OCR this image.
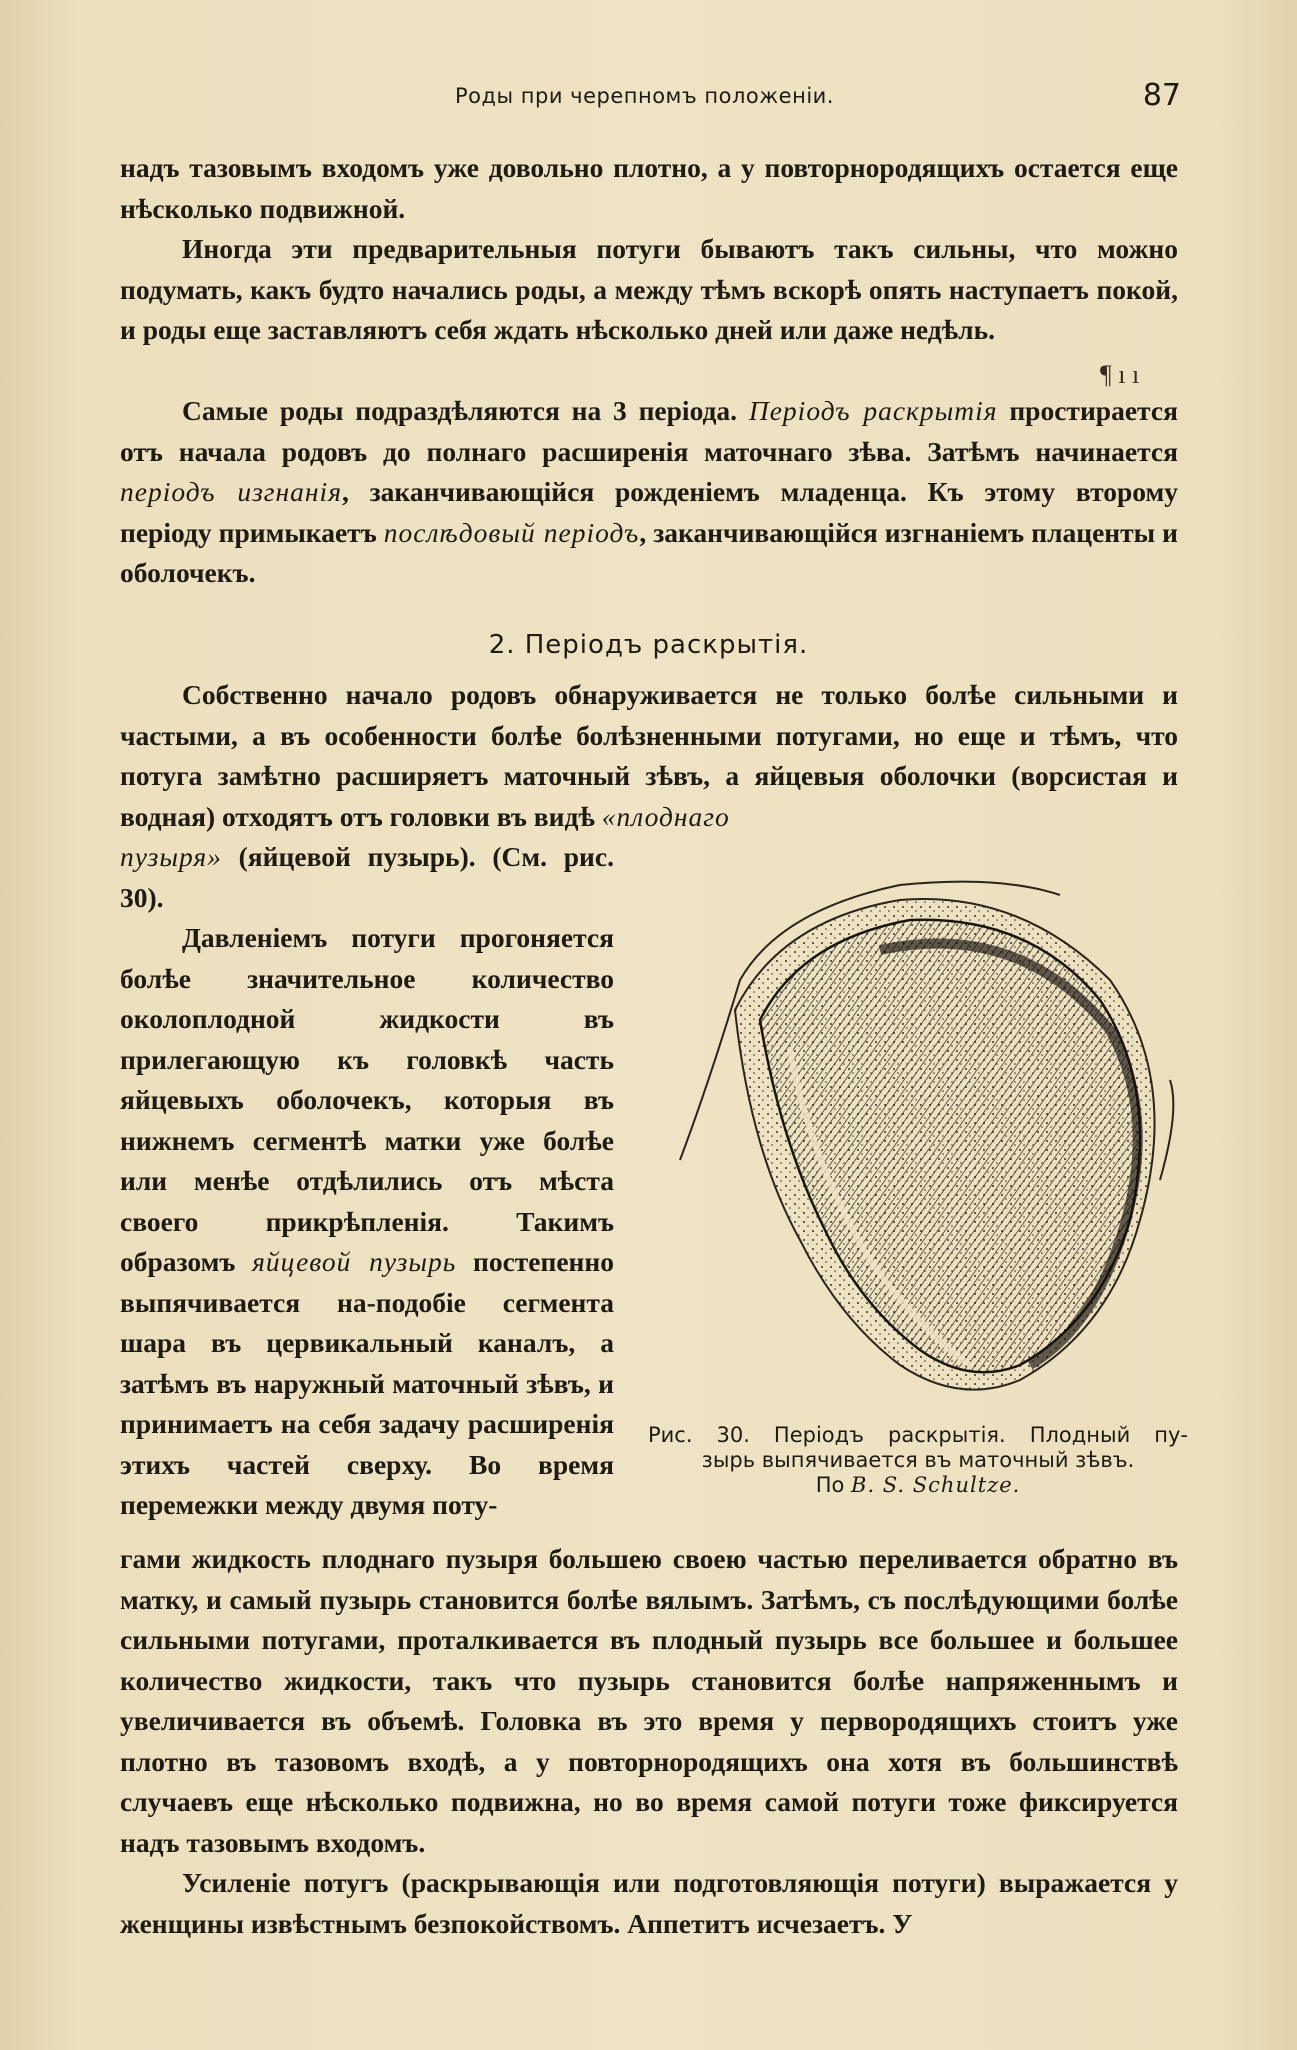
Роды при черепномъ положеніи.	87

надъ тазовымъ входомъ уже довольно плотно, а у повторнородящихъ остается еще нѣсколько подвижной.

Иногда эти предварительныя потуги бываютъ такъ сильны, что можно подумать, какъ будто начались роды, а между тѣмъ вскорѣ опять наступаетъ покой, и роды еще заставляютъ себя ждать нѣсколько дней или даже недѣль.

¶ ı ı

Самые роды подраздѣляются на 3 періода. Періодъ раскрытія простирается отъ начала родовъ до полнаго расширенія маточнаго зѣва. Затѣмъ начинается періодъ изгнанія, заканчивающійся рожденіемъ младенца. Къ этому второму періоду примыкаетъ послѣдовый періодъ, заканчивающійся изгнаніемъ плаценты и оболочекъ.

2. Періодъ раскрытія.

Собственно начало родовъ обнаруживается не только болѣе сильными и частыми, а въ особенности болѣе болѣзненными потугами, но еще и тѣмъ, что потуга замѣтно расширяетъ маточный зѣвъ, а яйцевыя оболочки (ворсистая и водная) отходятъ отъ головки въ видѣ «плоднаго

пузыря» (яйцевой пузырь). (См. рис. 30).

Давленіемъ потуги прогоняется болѣе значительное количество околоплодной жидкости въ прилегающую къ головкѣ часть яйцевыхъ оболочекъ, которыя въ нижнемъ сегментѣ матки уже болѣе или менѣе отдѣлились отъ мѣста своего прикрѣпленія. Такимъ образомъ яйцевой пузырь постепенно выпячивается на-подобіе сегмента шара въ цервикальный каналъ, а затѣмъ въ наружный маточный зѣвъ, и принимаетъ на себя задачу расширенія этихъ частей сверху. Во время перемежки между двумя поту-

Рис. 30. Періодъ раскрытія. Плодный пу-
зырь выпячивается въ маточный зѣвъ.
По B. S. Schultze.

гами жидкость плоднаго пузыря большею своею частью переливается обратно въ матку, и самый пузырь становится болѣе вялымъ. Затѣмъ, съ послѣдующими болѣе сильными потугами, проталкивается въ плодный пузырь все большее и большее количество жидкости, такъ что пузырь становится болѣе напряженнымъ и увеличивается въ объемѣ. Головка въ это время у первородящихъ стоитъ уже плотно въ тазовомъ входѣ, а у повторнородящихъ она хотя въ большинствѣ случаевъ еще нѣсколько подвижна, но во время самой потуги тоже фиксируется надъ тазовымъ входомъ.

Усиленіе потугъ (раскрывающія или подготовляющія потуги) выражается у женщины извѣстнымъ безпокойствомъ. Аппетитъ исчезаетъ. У
